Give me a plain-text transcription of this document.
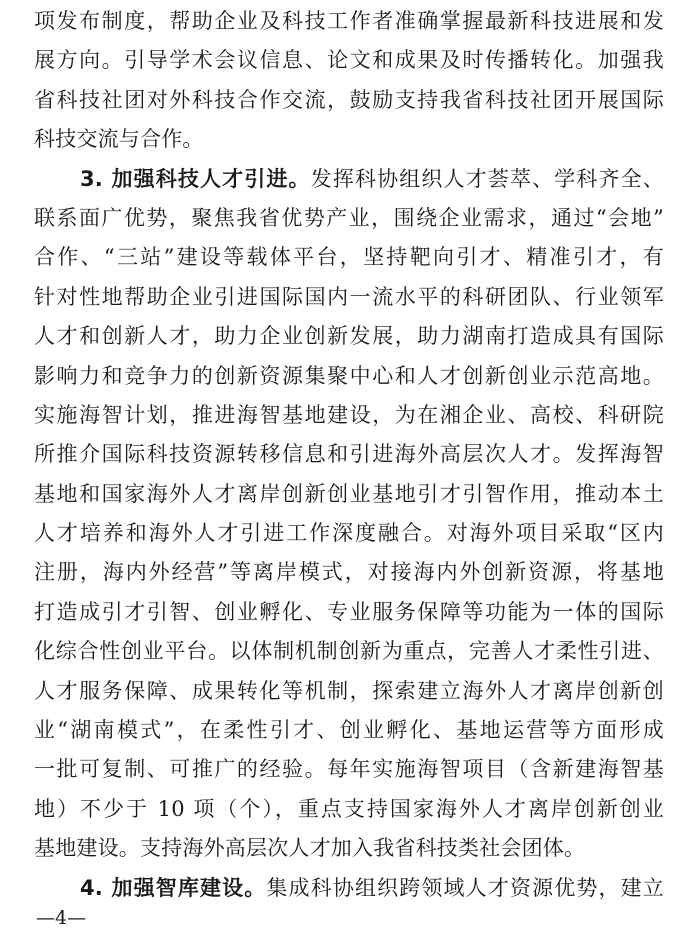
项发布制度，帮助企业及科技工作者准确掌握最新科技进展和发
展方向。引导学术会议信息、论文和成果及时传播转化。加强我
省科技社团对外科技合作交流，鼓励支持我省科技社团开展国际
科技交流与合作。
3. 加强科技人才引进。发挥科协组织人才荟萃、学科齐全、
联系面广优势，聚焦我省优势产业，围绕企业需求，通过“会地”
合作、“三站”建设等载体平台，坚持靶向引才、精准引才，有
针对性地帮助企业引进国际国内一流水平的科研团队、行业领军
人才和创新人才，助力企业创新发展，助力湖南打造成具有国际
影响力和竞争力的创新资源集聚中心和人才创新创业示范高地。
实施海智计划，推进海智基地建设，为在湘企业、高校、科研院
所推介国际科技资源转移信息和引进海外高层次人才。发挥海智
基地和国家海外人才离岸创新创业基地引才引智作用，推动本土
人才培养和海外人才引进工作深度融合。对海外项目采取“区内
注册，海内外经营”等离岸模式，对接海内外创新资源，将基地
打造成引才引智、创业孵化、专业服务保障等功能为一体的国际
化综合性创业平台。以体制机制创新为重点，完善人才柔性引进、
人才服务保障、成果转化等机制，探索建立海外人才离岸创新创
业“湖南模式”，在柔性引才、创业孵化、基地运营等方面形成
一批可复制、可推广的经验。每年实施海智项目（含新建海智基
地）不少于 10 项（个），重点支持国家海外人才离岸创新创业
基地建设。支持海外高层次人才加入我省科技类社会团体。
4. 加强智库建设。集成科协组织跨领域人才资源优势，建立
—4—
